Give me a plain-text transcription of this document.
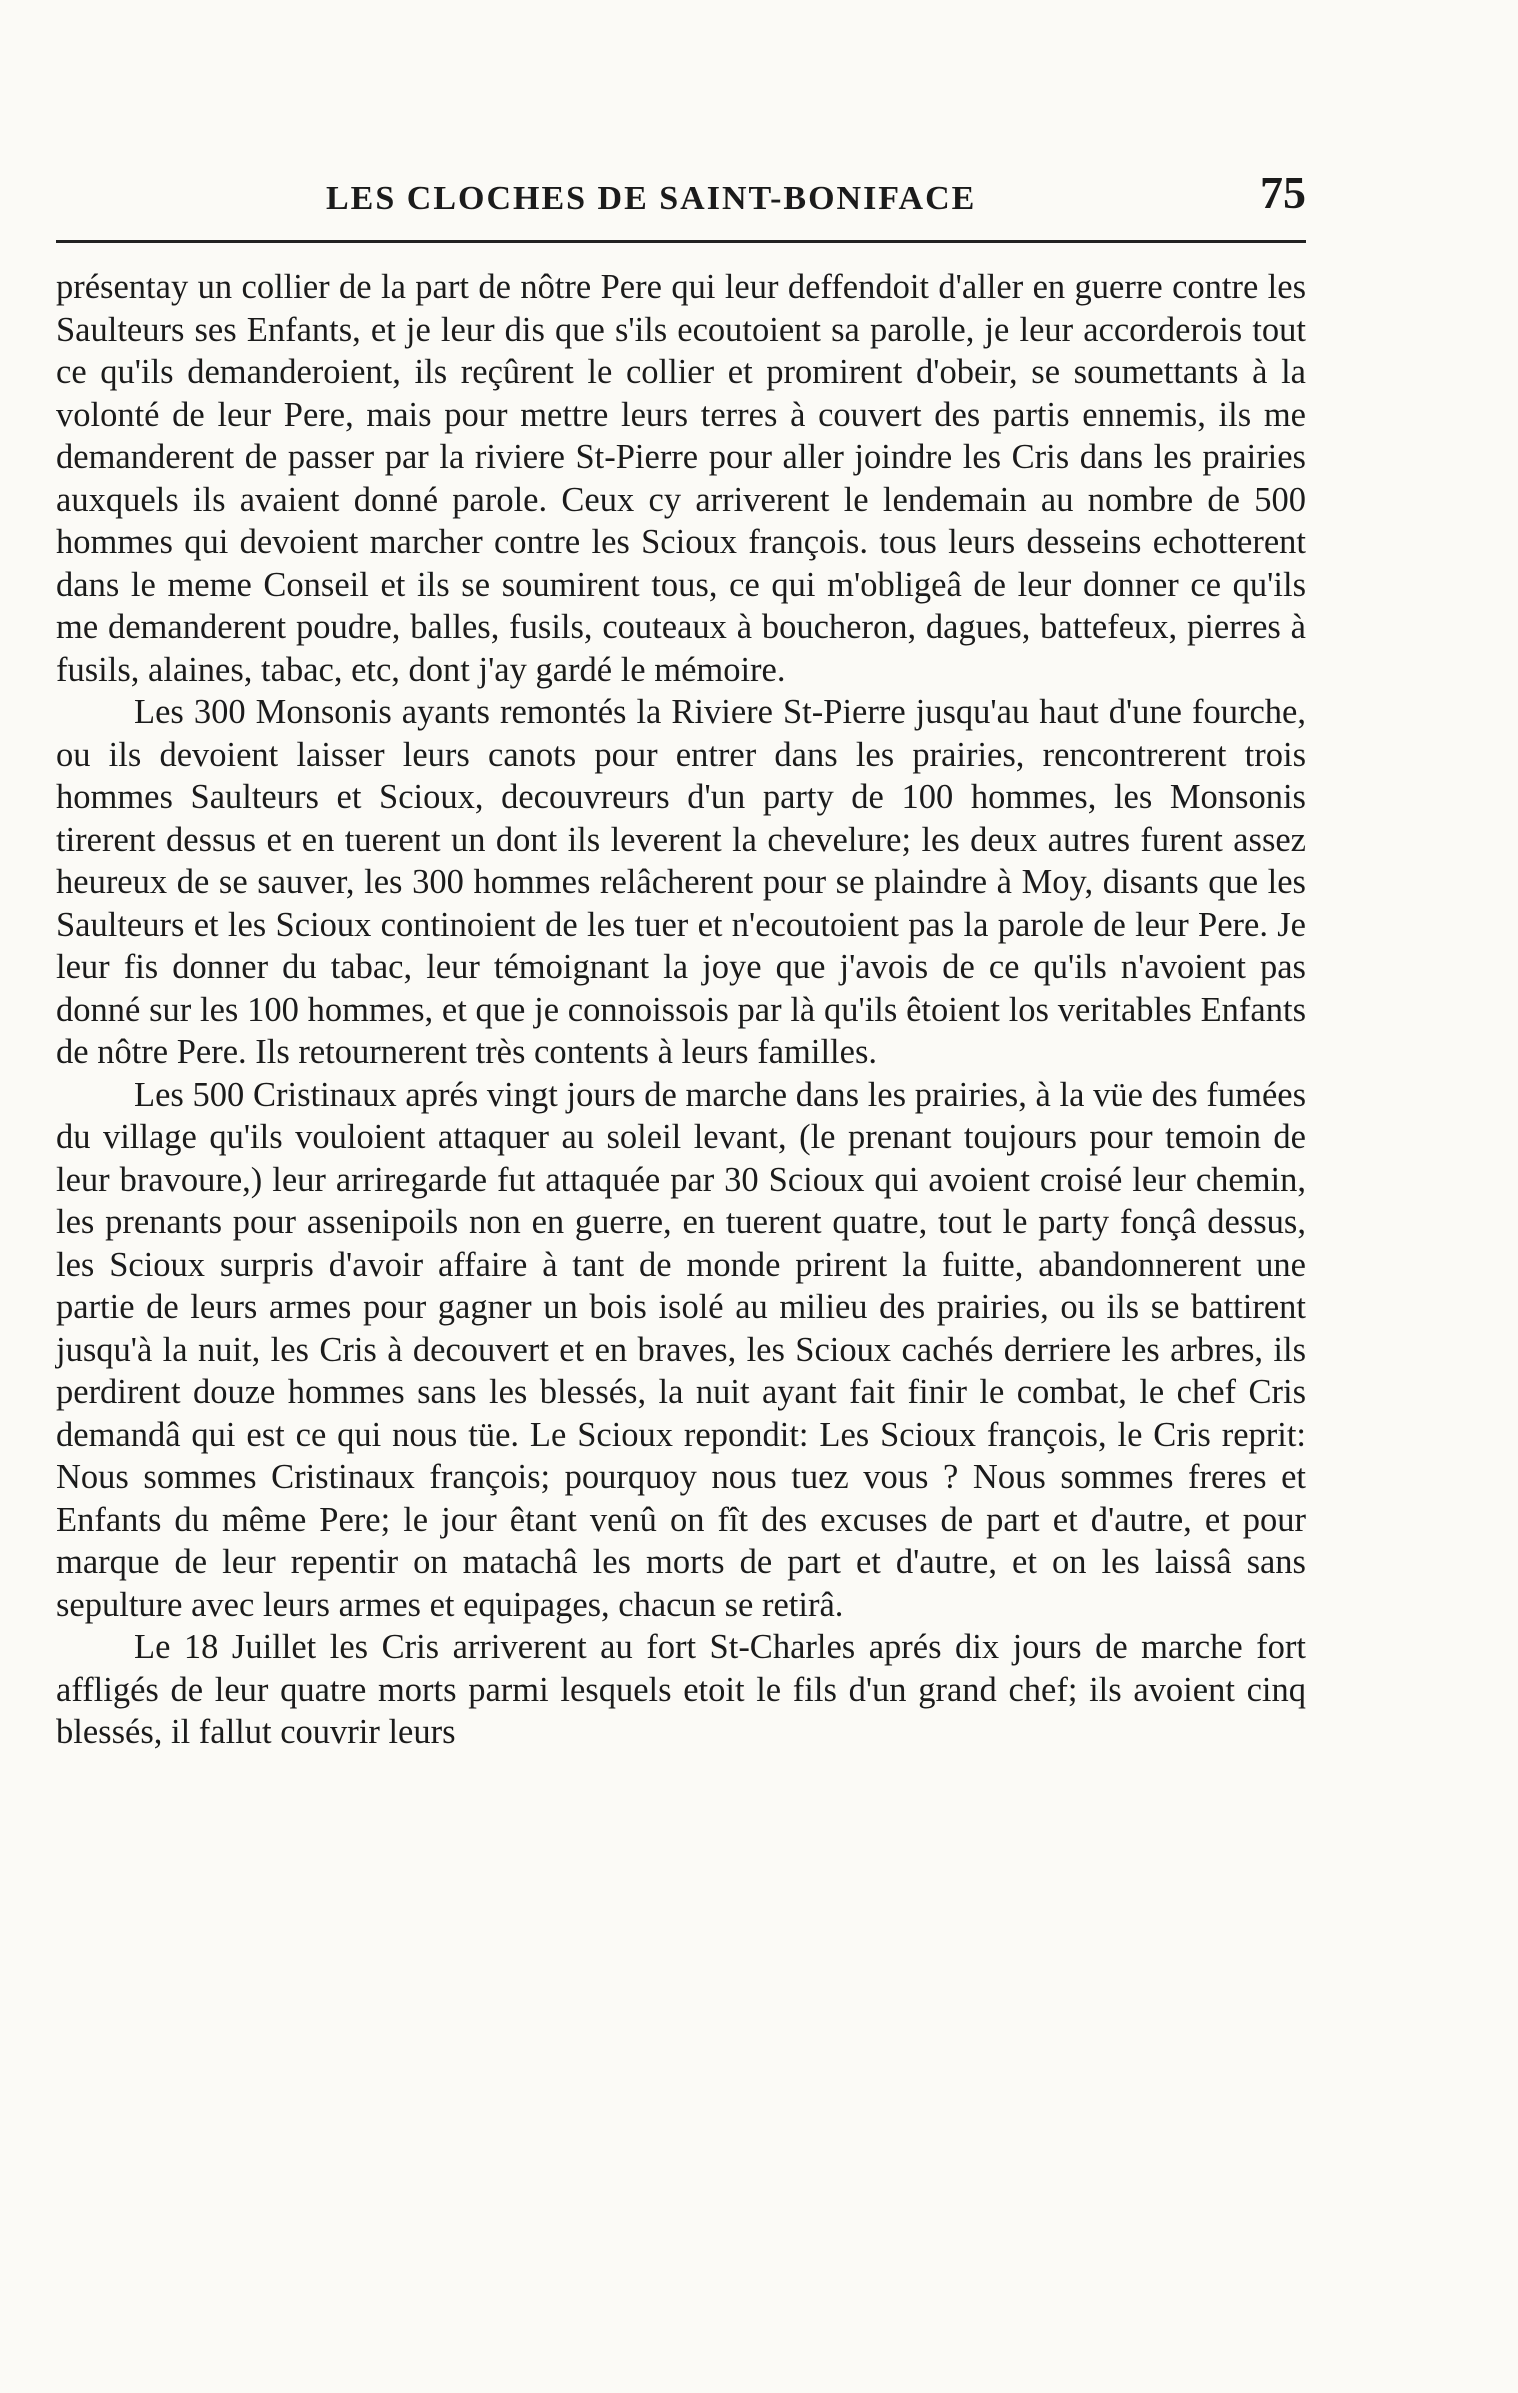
LES CLOCHES DE SAINT-BONIFACE	75

présentay un collier de la part de nôtre Pere qui leur deffendoit d'aller en guerre contre les Saulteurs ses Enfants, et je leur dis que s'ils ecoutoient sa parolle, je leur accorderois tout ce qu'ils demanderoient, ils reçûrent le collier et promirent d'obeir, se soumettants à la volonté de leur Pere, mais pour mettre leurs terres à couvert des partis ennemis, ils me demanderent de passer par la riviere St-Pierre pour aller joindre les Cris dans les prairies auxquels ils avaient donné parole. Ceux cy arriverent le lendemain au nombre de 500 hommes qui devoient marcher contre les Scioux françois. tous leurs desseins echotterent dans le meme Conseil et ils se soumirent tous, ce qui m'obligeâ de leur donner ce qu'ils me demanderent poudre, balles, fusils, couteaux à boucheron, dagues, battefeux, pierres à fusils, alaines, tabac, etc, dont j'ay gardé le mémoire.

Les 300 Monsonis ayants remontés la Riviere St-Pierre jusqu'au haut d'une fourche, ou ils devoient laisser leurs canots pour entrer dans les prairies, rencontrerent trois hommes Saulteurs et Scioux, decouvreurs d'un party de 100 hommes, les Monsonis tirerent dessus et en tuerent un dont ils leverent la chevelure; les deux autres furent assez heureux de se sauver, les 300 hommes relâcherent pour se plaindre à Moy, disants que les Saulteurs et les Scioux continoient de les tuer et n'ecoutoient pas la parole de leur Pere. Je leur fis donner du tabac, leur témoignant la joye que j'avois de ce qu'ils n'avoient pas donné sur les 100 hommes, et que je connoissois par là qu'ils êtoient los veritables Enfants de nôtre Pere. Ils retournerent très contents à leurs familles.

Les 500 Cristinaux aprés vingt jours de marche dans les prairies, à la vüe des fumées du village qu'ils vouloient attaquer au soleil levant, (le prenant toujours pour temoin de leur bravoure,) leur arriregarde fut attaquée par 30 Scioux qui avoient croisé leur chemin, les prenants pour assenipoils non en guerre, en tuerent quatre, tout le party fonçâ dessus, les Scioux surpris d'avoir affaire à tant de monde prirent la fuitte, abandonnerent une partie de leurs armes pour gagner un bois isolé au milieu des prairies, ou ils se battirent jusqu'à la nuit, les Cris à decouvert et en braves, les Scioux cachés derriere les arbres, ils perdirent douze hommes sans les blessés, la nuit ayant fait finir le combat, le chef Cris demandâ qui est ce qui nous tüe. Le Scioux repondit: Les Scioux françois, le Cris reprit: Nous sommes Cristinaux françois; pourquoy nous tuez vous ? Nous sommes freres et Enfants du même Pere; le jour êtant venû on fît des excuses de part et d'autre, et pour marque de leur repentir on matachâ les morts de part et d'autre, et on les laissâ sans sepulture avec leurs armes et equipages, chacun se retirâ.

Le 18 Juillet les Cris arriverent au fort St-Charles aprés dix jours de marche fort affligés de leur quatre morts parmi lesquels etoit le fils d'un grand chef; ils avoient cinq blessés, il fallut couvrir leurs
